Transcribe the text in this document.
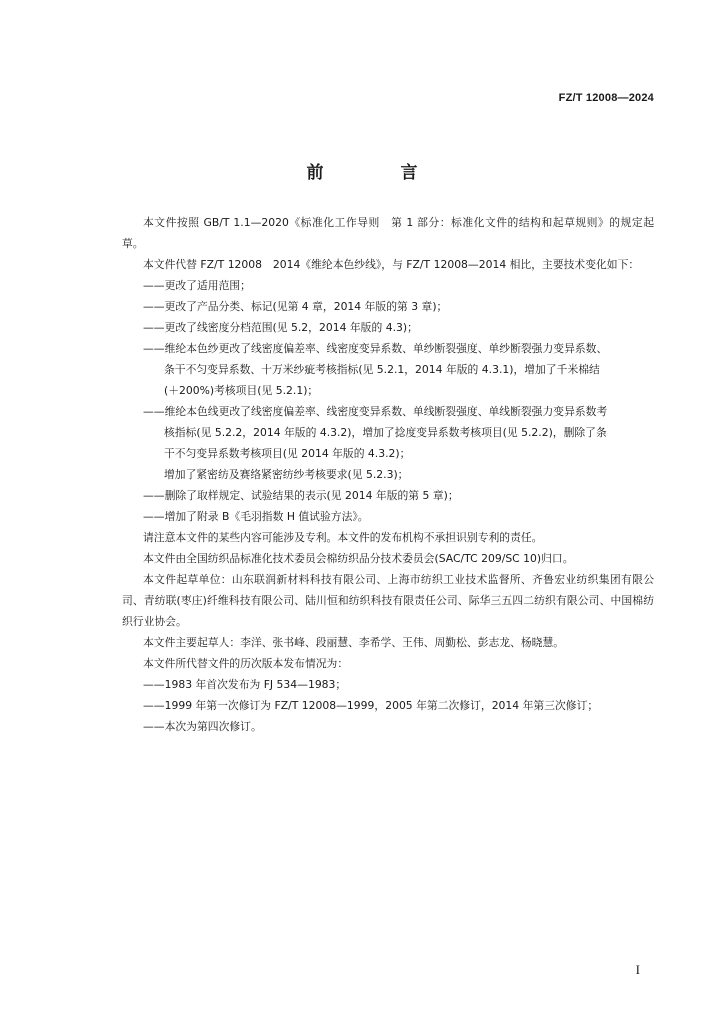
FZ/T 12008—2024
前　言

本文件按照 GB/T 1.1—2020《标准化工作导则　第 1 部分：标准化文件的结构和起草规则》的规定起草。

本文件代替 FZ/T 12008　2014《维纶本色纱线》，与 FZ/T 12008—2014 相比，主要技术变化如下：

——更改了适用范围；

——更改了产品分类、标记(见第 4 章，2014 年版的第 3 章)；

——更改了线密度分档范围(见 5.2，2014 年版的 4.3)；

——维纶本色纱更改了线密度偏差率、线密度变异系数、单纱断裂强度、单纱断裂强力变异系数、

条干不匀变异系数、十万米纱疵考核指标(见 5.2.1，2014 年版的 4.3.1)，增加了千米棉结

(＋200%)考核项目(见 5.2.1)；

——维纶本色线更改了线密度偏差率、线密度变异系数、单线断裂强度、单线断裂强力变异系数考

核指标(见 5.2.2，2014 年版的 4.3.2)，增加了捻度变异系数考核项目(见 5.2.2)，删除了条

干不匀变异系数考核项目(见 2014 年版的 4.3.2)；

增加了紧密纺及赛络紧密纺纱考核要求(见 5.2.3)；

——删除了取样规定、试验结果的表示(见 2014 年版的第 5 章)；

——增加了附录 B《毛羽指数 H 值试验方法》。

请注意本文件的某些内容可能涉及专利。本文件的发布机构不承担识别专利的责任。

本文件由全国纺织品标准化技术委员会棉纺织品分技术委员会(SAC/TC 209/SC 10)归口。

本文件起草单位：山东联润新材料科技有限公司、上海市纺织工业技术监督所、齐鲁宏业纺织集团有限公司、青纺联(枣庄)纤维科技有限公司、陆川恒和纺织科技有限责任公司、际华三五四二纺织有限公司、中国棉纺织行业协会。

本文件主要起草人：李洋、张书峰、段丽慧、李希学、王伟、周勤松、彭志龙、杨晓慧。

本文件所代替文件的历次版本发布情况为：

——1983 年首次发布为 FJ 534—1983；

——1999 年第一次修订为 FZ/T 12008—1999，2005 年第二次修订，2014 年第三次修订；

——本次为第四次修订。

I
